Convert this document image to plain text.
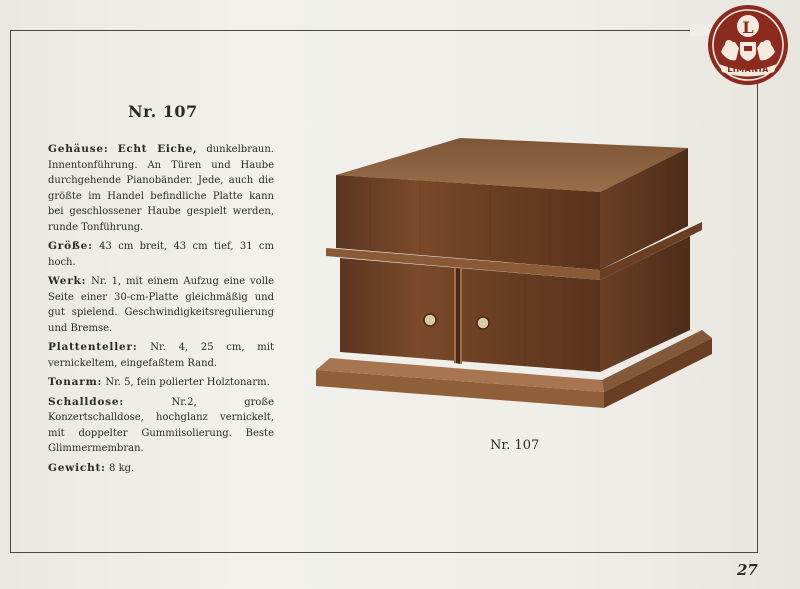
L
LIMANIA
Nr. 107
Gehäuse: Echt Eiche, dunkelbraun. Innentonführung. An Türen und Haube durchgehende Pianobänder. Jede, auch die größte im Handel befindliche Platte kann bei geschlossener Haube gespielt werden, runde Tonführung.
Größe: 43 cm breit, 43 cm tief, 31 cm hoch.
Werk: Nr. 1, mit einem Aufzug eine volle Seite einer 30-cm-Platte gleichmäßig und gut spielend. Geschwindigkeitsregulierung und Bremse.
Plattenteller: Nr. 4, 25 cm, mit vernickeltem, eingefaßtem Rand.
Tonarm: Nr. 5, fein polierter Holztonarm.
Schalldose:	Nr.2, große Konzertschalldose, hochglanz vernickelt, mit doppelter Gummiisolierung. Beste Glimmermembran.
Gewicht: 8 kg.
Nr. 107
27
